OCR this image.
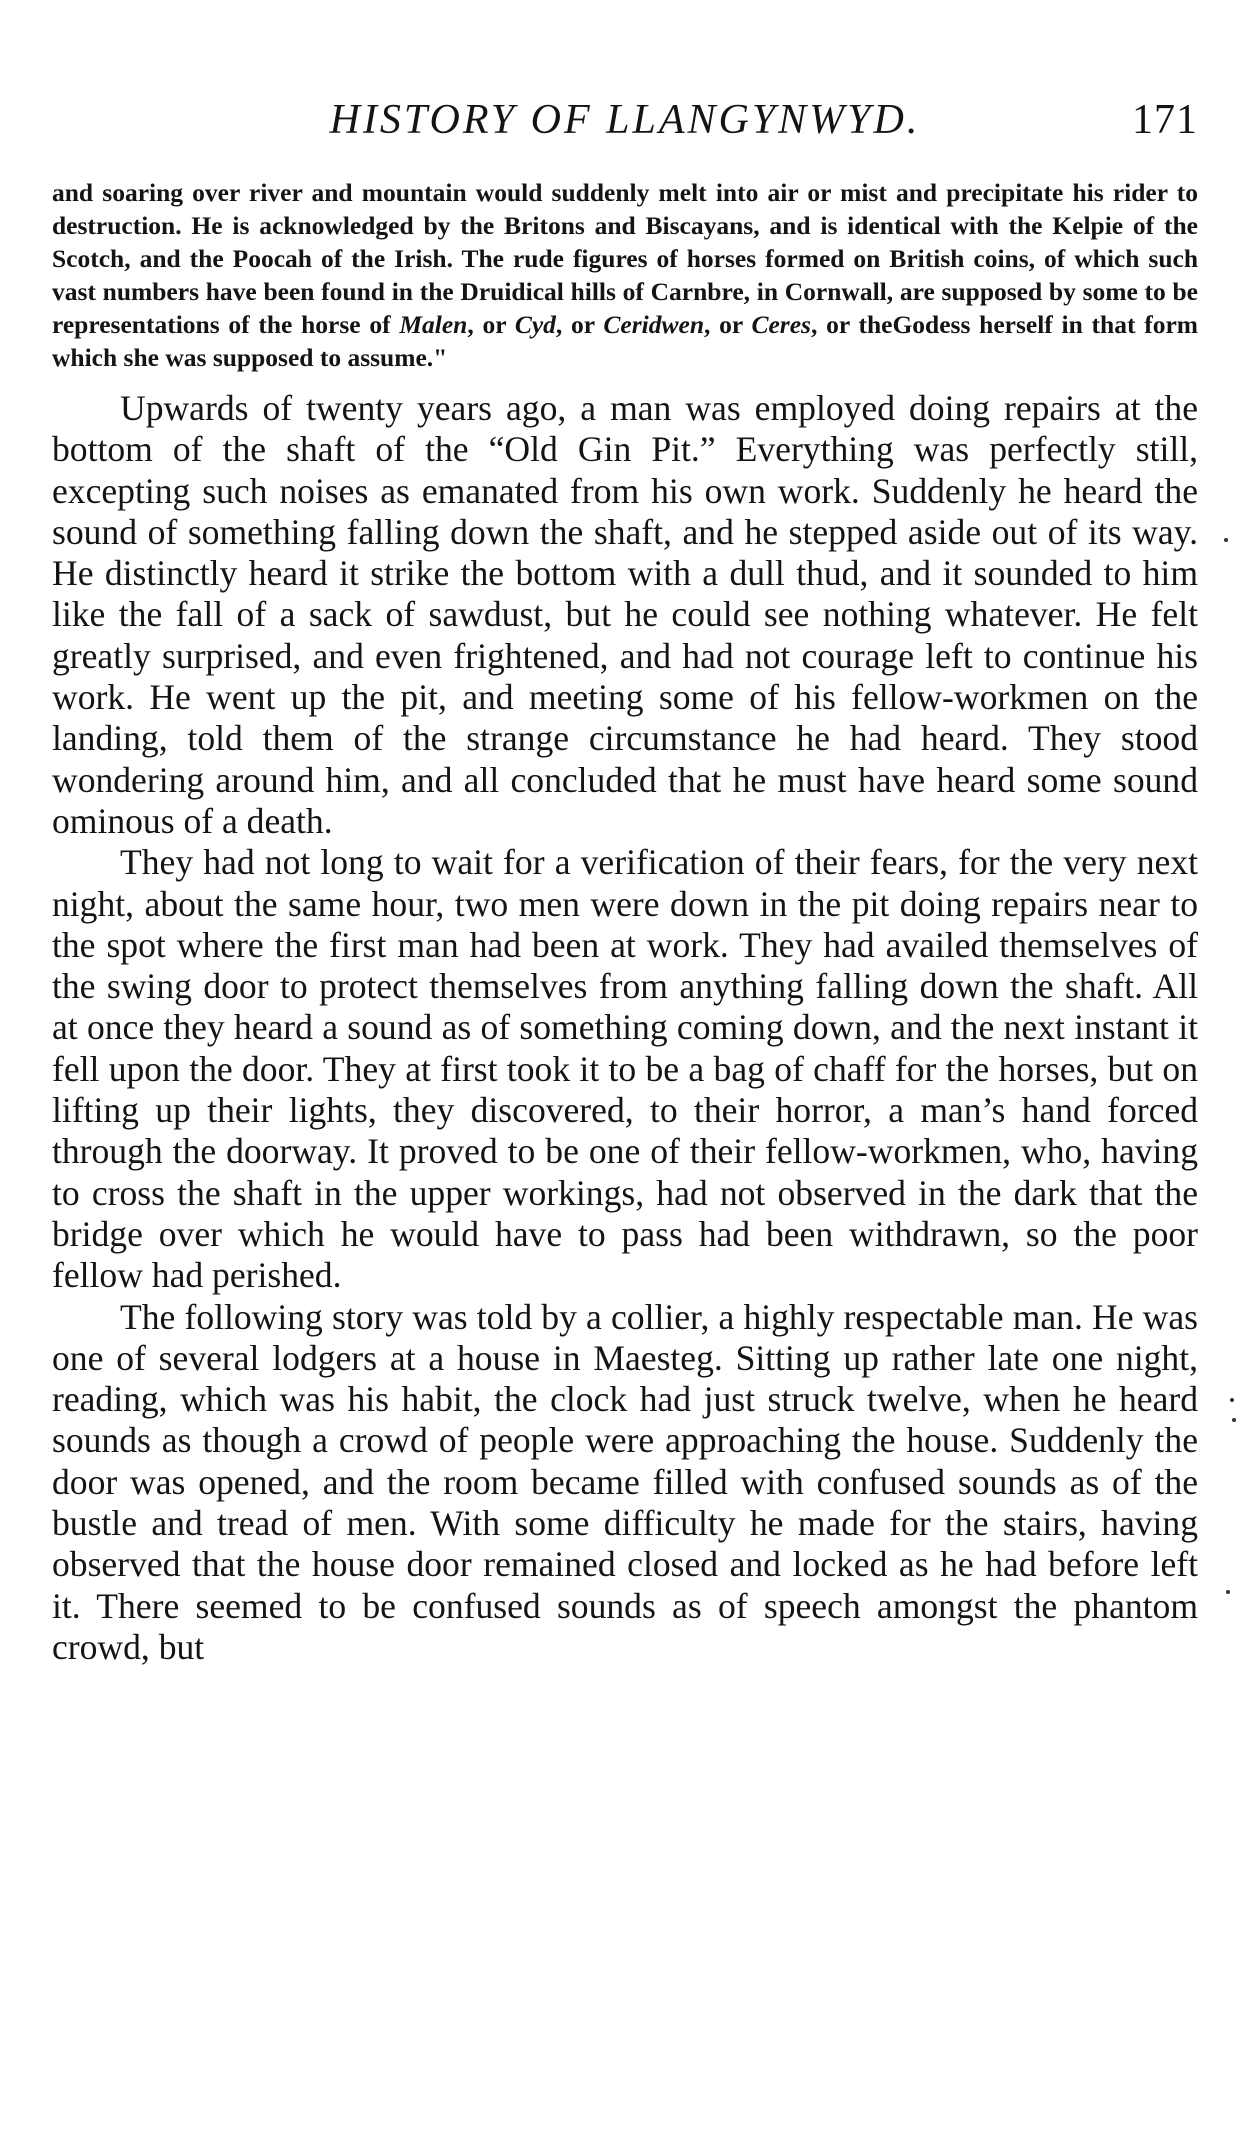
HISTORY OF LLANGYNWYD.	171

and soaring over river and mountain would suddenly melt into air or mist and precipitate his rider to destruction. He is acknowledged by the Britons and Biscayans, and is identical with the Kelpie of the Scotch, and the Poocah of the Irish. The rude figures of horses formed on British coins, of which such vast numbers have been found in the Druidical hills of Carnbre, in Cornwall, are supposed by some to be representations of the horse of Malen, or Cyd, or Ceridwen, or Ceres, or theGodess herself in that form which she was supposed to assume."

Upwards of twenty years ago, a man was employed doing repairs at the bottom of the shaft of the “Old Gin Pit.” Everything was perfectly still, excepting such noises as emanated from his own work. Suddenly he heard the sound of something falling down the shaft, and he stepped aside out of its way. He distinctly heard it strike the bottom with a dull thud, and it sounded to him like the fall of a sack of sawdust, but he could see nothing whatever. He felt greatly surprised, and even frightened, and had not courage left to continue his work. He went up the pit, and meeting some of his fellow-workmen on the landing, told them of the strange circumstance he had heard. They stood wondering around him, and all concluded that he must have heard some sound ominous of a death.

They had not long to wait for a verification of their fears, for the very next night, about the same hour, two men were down in the pit doing repairs near to the spot where the first man had been at work. They had availed themselves of the swing door to protect themselves from anything falling down the shaft. All at once they heard a sound as of something coming down, and the next instant it fell upon the door. They at first took it to be a bag of chaff for the horses, but on lifting up their lights, they discovered, to their horror, a man’s hand forced through the doorway. It proved to be one of their fellow-workmen, who, having to cross the shaft in the upper workings, had not observed in the dark that the bridge over which he would have to pass had been withdrawn, so the poor fellow had perished.

The following story was told by a collier, a highly respectable man. He was one of several lodgers at a house in Maesteg. Sitting up rather late one night, reading, which was his habit, the clock had just struck twelve, when he heard sounds as though a crowd of people were approaching the house. Suddenly the door was opened, and the room became filled with confused sounds as of the bustle and tread of men. With some difficulty he made for the stairs, having observed that the house door remained closed and locked as he had before left it. There seemed to be confused sounds as of speech amongst the phantom crowd, but
